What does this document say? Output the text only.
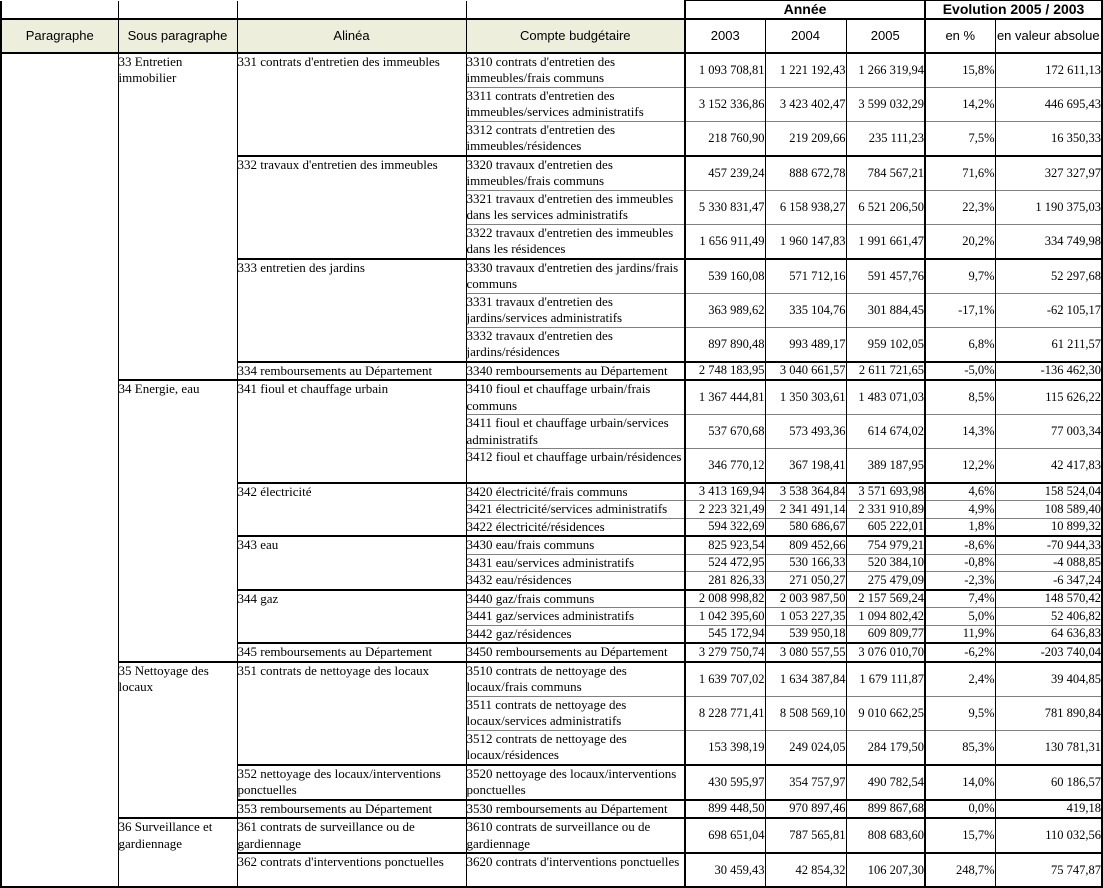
				Année			Evolution 2005 / 2003	
Paragraphe	Sous paragraphe	Alinéa	Compte budgétaire	2003	2004	2005	en %	en valeur absolue
	33 Entretien immobilier	331 contrats d'entretien des immeubles	3310 contrats d'entretien des immeubles/frais communs	1 093 708,81	1 221 192,43	1 266 319,94	15,8%	172 611,13
			3311 contrats d'entretien des immeubles/services administratifs	3 152 336,86	3 423 402,47	3 599 032,29	14,2%	446 695,43
			3312 contrats d'entretien des immeubles/résidences	218 760,90	219 209,66	235 111,23	7,5%	16 350,33
		332 travaux d'entretien des immeubles	3320 travaux d'entretien des immeubles/frais communs	457 239,24	888 672,78	784 567,21	71,6%	327 327,97
			3321 travaux d'entretien des immeubles dans les services administratifs	5 330 831,47	6 158 938,27	6 521 206,50	22,3%	1 190 375,03
			3322 travaux d'entretien des immeubles dans les résidences	1 656 911,49	1 960 147,83	1 991 661,47	20,2%	334 749,98
		333 entretien des jardins	3330 travaux d'entretien des jardins/frais communs	539 160,08	571 712,16	591 457,76	9,7%	52 297,68
			3331 travaux d'entretien des jardins/services administratifs	363 989,62	335 104,76	301 884,45	-17,1%	-62 105,17
			3332 travaux d'entretien des jardins/résidences	897 890,48	993 489,17	959 102,05	6,8%	61 211,57
		334 remboursements au Département	3340 remboursements au Département	2 748 183,95	3 040 661,57	2 611 721,65	-5,0%	-136 462,30
	34 Energie, eau	341 fioul et chauffage urbain	3410 fioul et chauffage urbain/frais communs	1 367 444,81	1 350 303,61	1 483 071,03	8,5%	115 626,22
			3411 fioul et chauffage urbain/services administratifs	537 670,68	573 493,36	614 674,02	14,3%	77 003,34
			3412 fioul et chauffage urbain/résidences	346 770,12	367 198,41	389 187,95	12,2%	42 417,83
		342 électricité	3420 électricité/frais communs	3 413 169,94	3 538 364,84	3 571 693,98	4,6%	158 524,04
			3421 électricité/services administratifs	2 223 321,49	2 341 491,14	2 331 910,89	4,9%	108 589,40
			3422 électricité/résidences	594 322,69	580 686,67	605 222,01	1,8%	10 899,32
		343 eau	3430 eau/frais communs	825 923,54	809 452,66	754 979,21	-8,6%	-70 944,33
			3431 eau/services administratifs	524 472,95	530 166,33	520 384,10	-0,8%	-4 088,85
			3432 eau/résidences	281 826,33	271 050,27	275 479,09	-2,3%	-6 347,24
		344 gaz	3440 gaz/frais communs	2 008 998,82	2 003 987,50	2 157 569,24	7,4%	148 570,42
			3441 gaz/services administratifs	1 042 395,60	1 053 227,35	1 094 802,42	5,0%	52 406,82
			3442 gaz/résidences	545 172,94	539 950,18	609 809,77	11,9%	64 636,83
		345 remboursements au Département	3450 remboursements au Département	3 279 750,74	3 080 557,55	3 076 010,70	-6,2%	-203 740,04
	35 Nettoyage des locaux	351 contrats de nettoyage des locaux	3510 contrats de nettoyage des locaux/frais communs	1 639 707,02	1 634 387,84	1 679 111,87	2,4%	39 404,85
			3511 contrats de nettoyage des locaux/services administratifs	8 228 771,41	8 508 569,10	9 010 662,25	9,5%	781 890,84
			3512 contrats de nettoyage des locaux/résidences	153 398,19	249 024,05	284 179,50	85,3%	130 781,31
		352 nettoyage des locaux/interventions ponctuelles	3520 nettoyage des locaux/interventions ponctuelles	430 595,97	354 757,97	490 782,54	14,0%	60 186,57
		353 remboursements au Département	3530 remboursements au Département	899 448,50	970 897,46	899 867,68	0,0%	419,18
	36 Surveillance et gardiennage	361 contrats de surveillance ou de gardiennage	3610 contrats de surveillance ou de gardiennage	698 651,04	787 565,81	808 683,60	15,7%	110 032,56
		362 contrats d'interventions ponctuelles	3620 contrats d'interventions ponctuelles	30 459,43	42 854,32	106 207,30	248,7%	75 747,87
